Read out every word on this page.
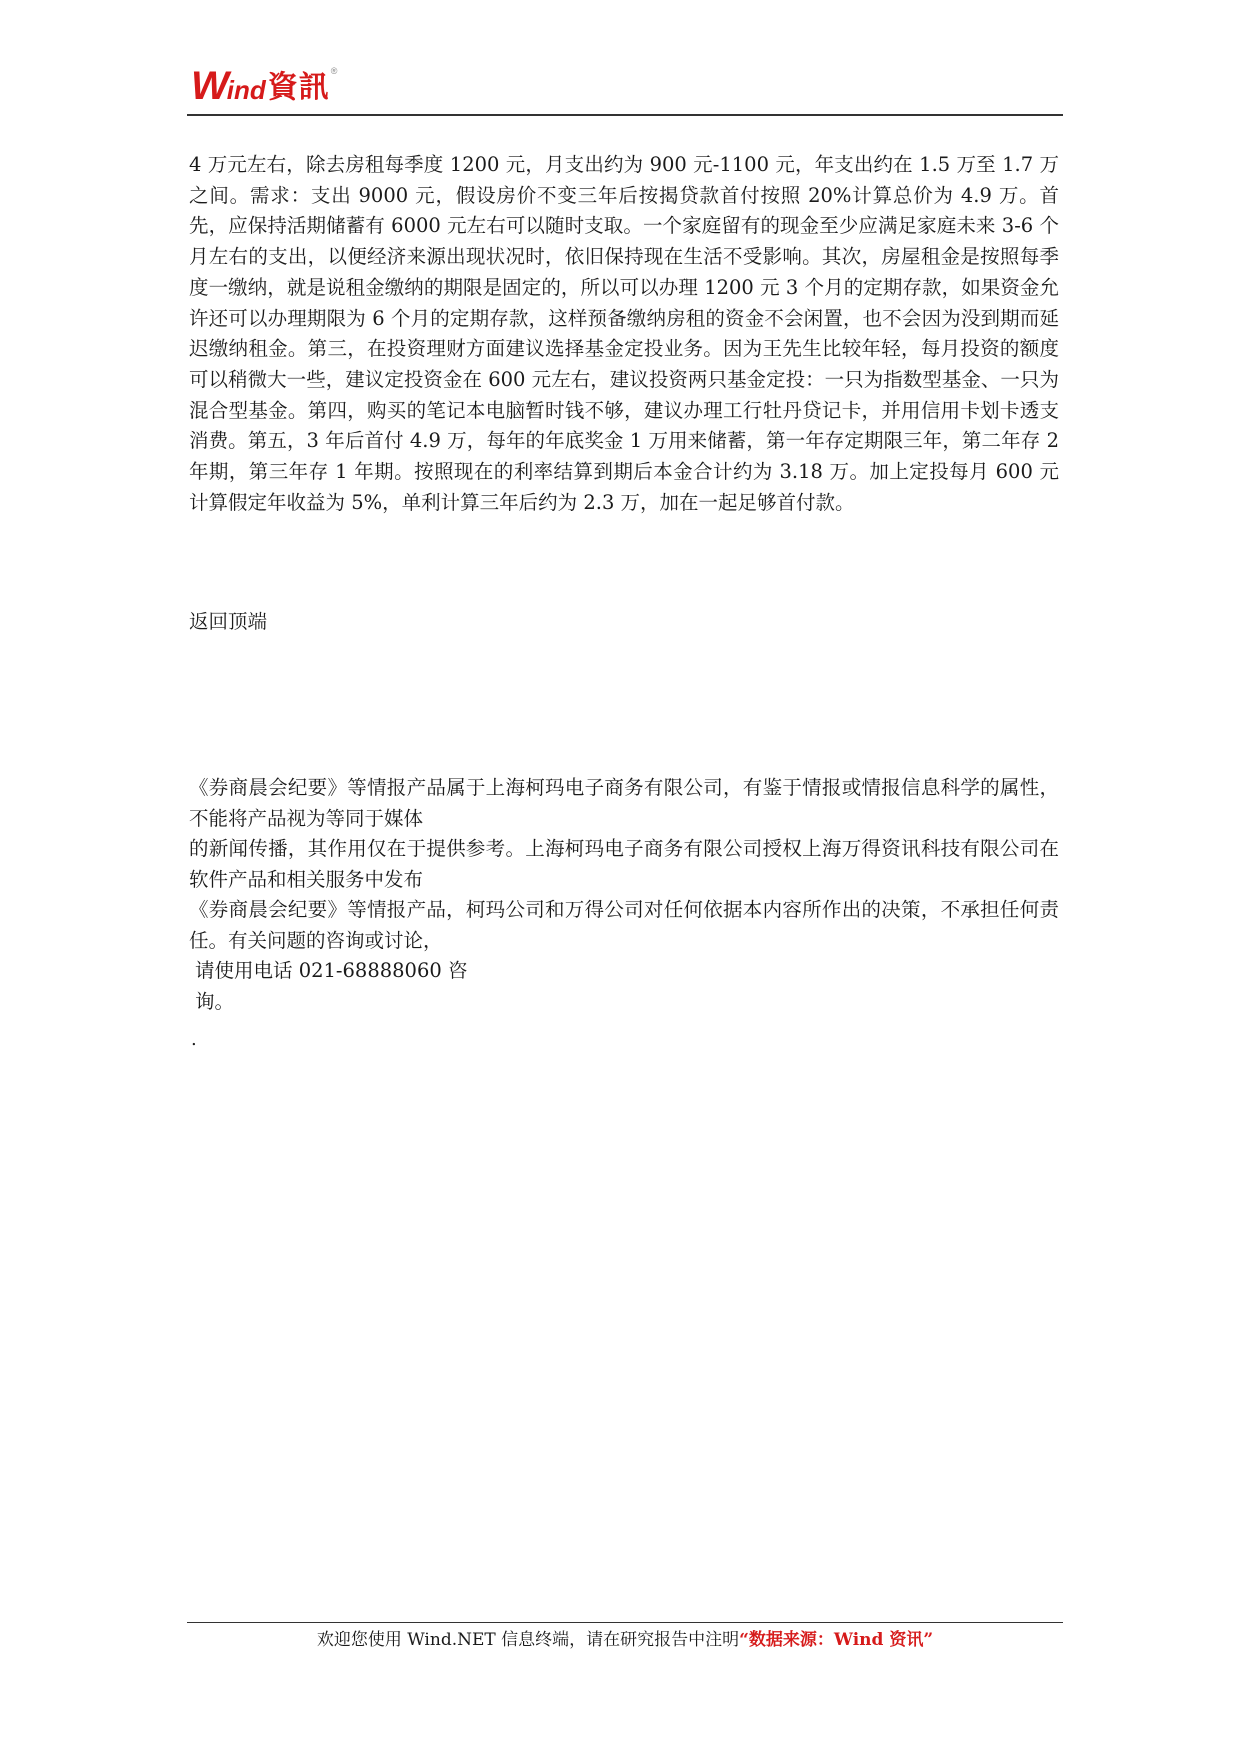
W ind 資訊 ®
4 万元左右，除去房租每季度 1200 元，月支出约为 900 元-1100 元，年支出约在 1.5 万至 1.7 万之间。需求：支出 9000 元，假设房价不变三年后按揭贷款首付按照 20%计算总价为 4.9 万。首先，应保持活期储蓄有 6000 元左右可以随时支取。一个家庭留有的现金至少应满足家庭未来 3-6 个月左右的支出，以便经济来源出现状况时，依旧保持现在生活不受影响。其次，房屋租金是按照每季度一缴纳，就是说租金缴纳的期限是固定的，所以可以办理 1200 元 3 个月的定期存款，如果资金允许还可以办理期限为 6 个月的定期存款，这样预备缴纳房租的资金不会闲置，也不会因为没到期而延迟缴纳租金。第三，在投资理财方面建议选择基金定投业务。因为王先生比较年轻，每月投资的额度可以稍微大一些，建议定投资金在 600 元左右，建议投资两只基金定投：一只为指数型基金、一只为混合型基金。第四，购买的笔记本电脑暂时钱不够，建议办理工行牡丹贷记卡，并用信用卡划卡透支消费。第五，3 年后首付 4.9 万，每年的年底奖金 1 万用来储蓄，第一年存定期限三年，第二年存 2 年期，第三年存 1 年期。按照现在的利率结算到期后本金合计约为 3.18 万。加上定投每月 600 元计算假定年收益为 5%，单利计算三年后约为 2.3 万，加在一起足够首付款。
返回顶端

《券商晨会纪要》等情报产品属于上海柯玛电子商务有限公司，有鉴于情报或情报信息科学的属性，不能将产品视为等同于媒体

的新闻传播，其作用仅在于提供参考。上海柯玛电子商务有限公司授权上海万得资讯科技有限公司在软件产品和相关服务中发布

《券商晨会纪要》等情报产品，柯玛公司和万得公司对任何依据本内容所作出的决策，不承担任何责任。有关问题的咨询或讨论，

请使用电话 021-68888060 咨

询。

.
欢迎您使用 Wind.NET 信息终端，请在研究报告中注明“数据来源：Wind 资讯”
